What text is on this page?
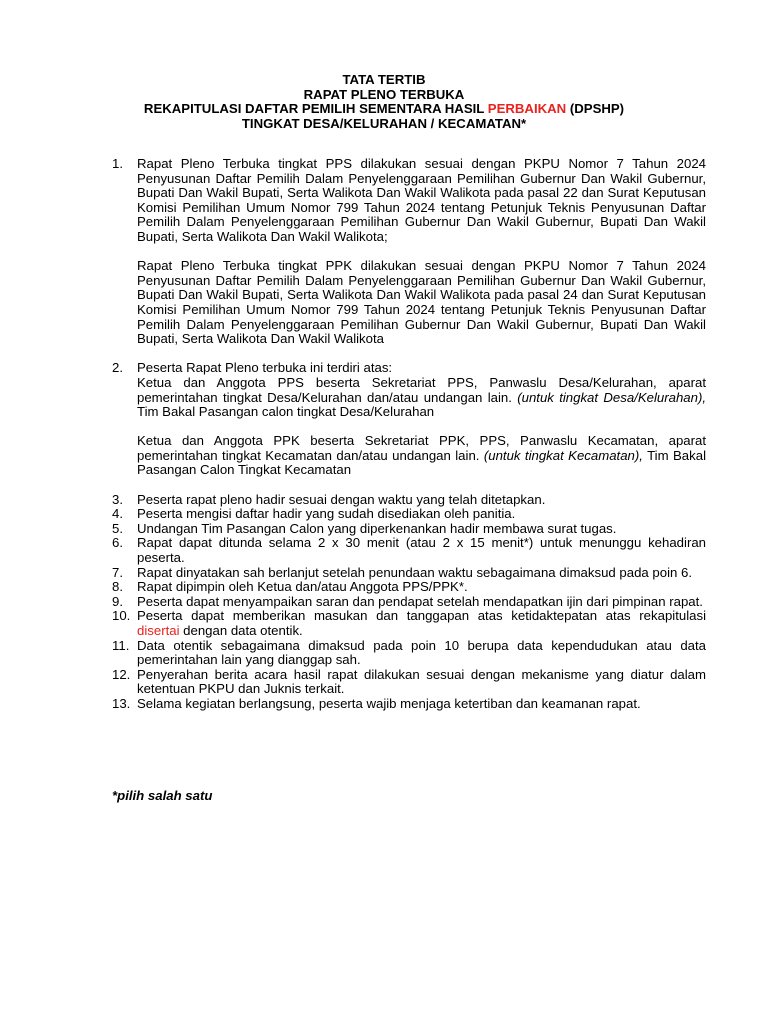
TATA TERTIB
RAPAT PLENO TERBUKA
REKAPITULASI DAFTAR PEMILIH SEMENTARA HASIL PERBAIKAN (DPSHP)
TINGKAT DESA/KELURAHAN / KECAMATAN*
1. Rapat Pleno Terbuka tingkat PPS dilakukan sesuai dengan PKPU Nomor 7 Tahun 2024 Penyusunan Daftar Pemilih Dalam Penyelenggaraan Pemilihan Gubernur Dan Wakil Gubernur, Bupati Dan Wakil Bupati, Serta Walikota Dan Wakil Walikota pada pasal 22 dan Surat Keputusan Komisi Pemilihan Umum Nomor 799 Tahun 2024 tentang Petunjuk Teknis Penyusunan Daftar Pemilih Dalam Penyelenggaraan Pemilihan Gubernur Dan Wakil Gubernur, Bupati Dan Wakil Bupati, Serta Walikota Dan Wakil Walikota;
Rapat Pleno Terbuka tingkat PPK dilakukan sesuai dengan PKPU Nomor 7 Tahun 2024 Penyusunan Daftar Pemilih Dalam Penyelenggaraan Pemilihan Gubernur Dan Wakil Gubernur, Bupati Dan Wakil Bupati, Serta Walikota Dan Wakil Walikota pada pasal 24 dan Surat Keputusan Komisi Pemilihan Umum Nomor 799 Tahun 2024 tentang Petunjuk Teknis Penyusunan Daftar Pemilih Dalam Penyelenggaraan Pemilihan Gubernur Dan Wakil Gubernur, Bupati Dan Wakil Bupati, Serta Walikota Dan Wakil Walikota
2. Peserta Rapat Pleno terbuka ini terdiri atas:
Ketua dan Anggota PPS beserta Sekretariat PPS, Panwaslu Desa/Kelurahan, aparat pemerintahan tingkat Desa/Kelurahan dan/atau undangan lain. (untuk tingkat Desa/Kelurahan), Tim Bakal Pasangan calon tingkat Desa/Kelurahan
Ketua dan Anggota PPK beserta Sekretariat PPK, PPS, Panwaslu Kecamatan, aparat pemerintahan tingkat Kecamatan dan/atau undangan lain. (untuk tingkat Kecamatan), Tim Bakal Pasangan Calon Tingkat Kecamatan
3. Peserta rapat pleno hadir sesuai dengan waktu yang telah ditetapkan.
4. Peserta mengisi daftar hadir yang sudah disediakan oleh panitia.
5. Undangan Tim Pasangan Calon yang diperkenankan hadir membawa surat tugas.
6. Rapat dapat ditunda selama 2 x 30 menit (atau 2 x 15 menit*) untuk menunggu kehadiran peserta.
7. Rapat dinyatakan sah berlanjut setelah penundaan waktu sebagaimana dimaksud pada poin 6.
8. Rapat dipimpin oleh Ketua dan/atau Anggota PPS/PPK*.
9. Peserta dapat menyampaikan saran dan pendapat setelah mendapatkan ijin dari pimpinan rapat.
10. Peserta dapat memberikan masukan dan tanggapan atas ketidaktepatan atas rekapitulasi disertai dengan data otentik.
11. Data otentik sebagaimana dimaksud pada poin 10 berupa data kependudukan atau data pemerintahan lain yang dianggap sah.
12. Penyerahan berita acara hasil rapat dilakukan sesuai dengan mekanisme yang diatur dalam ketentuan PKPU dan Juknis terkait.
13. Selama kegiatan berlangsung, peserta wajib menjaga ketertiban dan keamanan rapat.
*pilih salah satu
